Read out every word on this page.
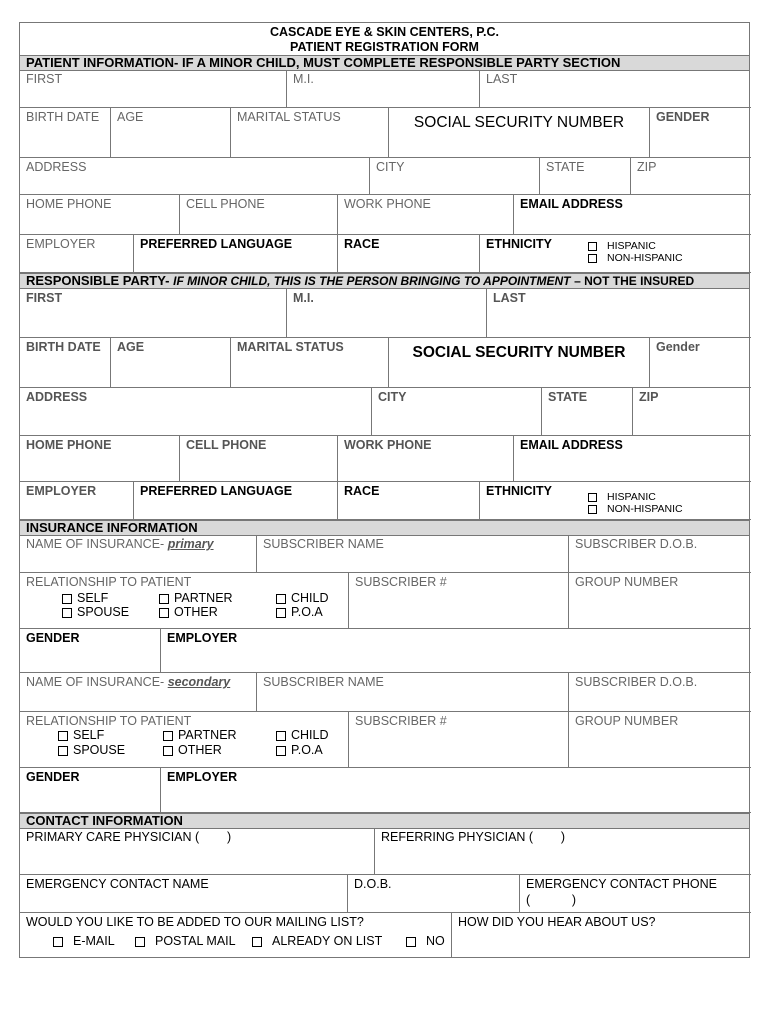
CASCADE EYE & SKIN CENTERS, P.C.
PATIENT REGISTRATION FORM
PATIENT INFORMATION- IF A MINOR CHILD, MUST COMPLETE RESPONSIBLE PARTY SECTION
FIRST	M.I.	LAST
BIRTH DATE	AGE	MARITAL STATUS	SOCIAL SECURITY NUMBER	GENDER
ADDRESS	CITY	STATE	ZIP
HOME PHONE	CELL PHONE	WORK PHONE	EMAIL ADDRESS
EMPLOYER	PREFERRED LANGUAGE	RACE	ETHNICITY	HISPANIC
NON-HISPANIC
RESPONSIBLE PARTY- IF MINOR CHILD, THIS IS THE PERSON BRINGING TO APPOINTMENT – NOT THE INSURED
FIRST	M.I.	LAST
BIRTH DATE	AGE	MARITAL STATUS	SOCIAL SECURITY NUMBER	Gender
ADDRESS	CITY	STATE	ZIP
HOME PHONE	CELL PHONE	WORK PHONE	EMAIL ADDRESS
EMPLOYER	PREFERRED LANGUAGE	RACE	ETHNICITY	HISPANIC
NON-HISPANIC
INSURANCE INFORMATION
NAME OF INSURANCE- primary	SUBSCRIBER NAME	SUBSCRIBER D.O.B.
RELATIONSHIP TO PATIENT
SELF	PARTNER	CHILD
SPOUSE	OTHER	P.O.A
SUBSCRIBER #	GROUP NUMBER
GENDER	EMPLOYER
NAME OF INSURANCE- secondary	SUBSCRIBER NAME	SUBSCRIBER D.O.B.
RELATIONSHIP TO PATIENT
SELF	PARTNER	CHILD
SPOUSE	OTHER	P.O.A
SUBSCRIBER #	GROUP NUMBER
GENDER	EMPLOYER
CONTACT INFORMATION
PRIMARY CARE PHYSICIAN (        )	REFERRING PHYSICIAN (        )
EMERGENCY CONTACT NAME	D.O.B.	EMERGENCY CONTACT PHONE
(            )
WOULD YOU LIKE TO BE ADDED TO OUR MAILING LIST?	HOW DID YOU HEAR ABOUT US?
E-MAIL	POSTAL MAIL	ALREADY ON LIST	NO
